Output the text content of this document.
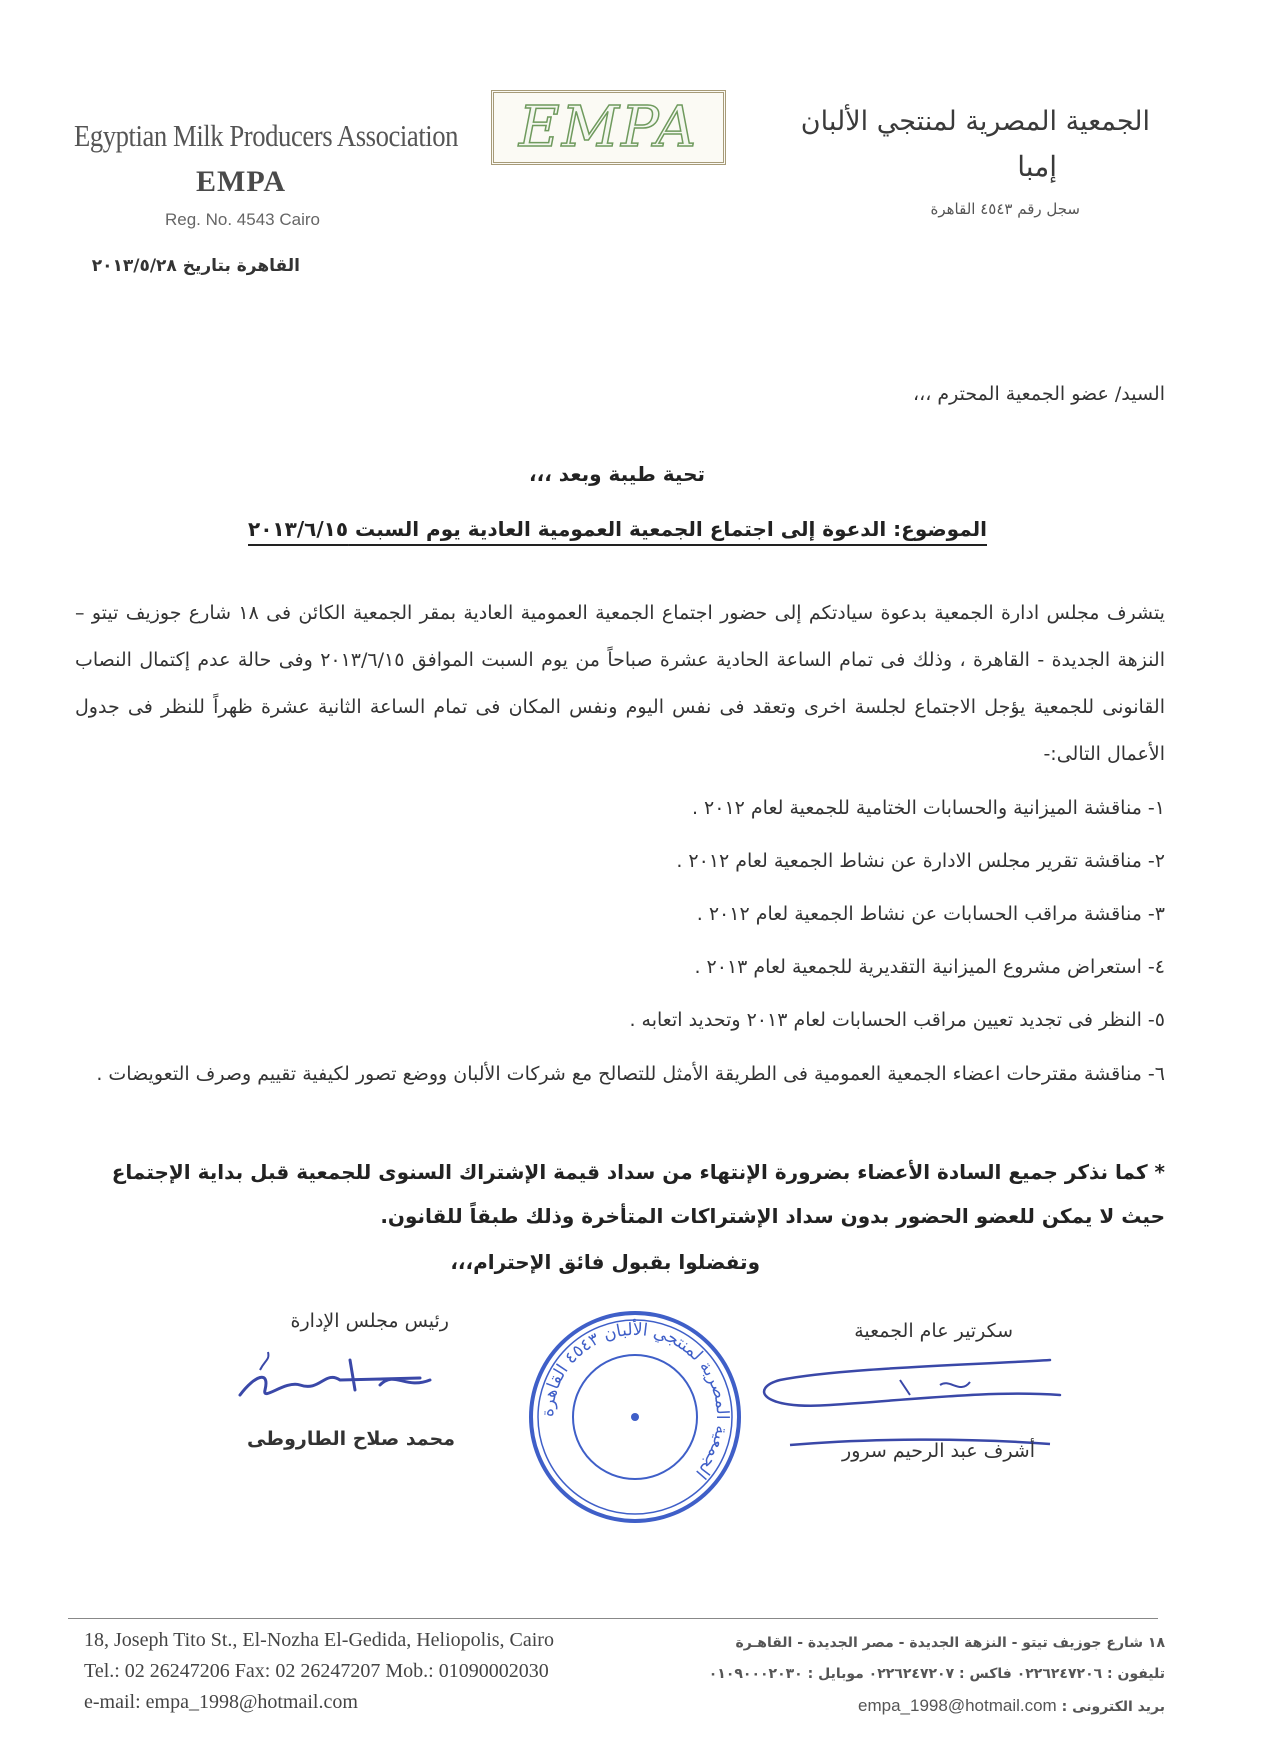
Egyptian Milk Producers Association
EMPA
Reg. No. 4543 Cairo
القاهرة بتاريخ ٢٠١٣/٥/٢٨
EMPA	الجمعية المصرية لمنتجي الألبان
إمبا
سجل رقم ٤٥٤٣ القاهرة
السيد/ عضو الجمعية المحترم ،،،
تحية طيبة وبعد ،،،
الموضوع: الدعوة إلى اجتماع الجمعية العمومية العادية يوم السبت ٢٠١٣/٦/١٥
يتشرف مجلس ادارة الجمعية بدعوة سيادتكم إلى حضور اجتماع الجمعية العمومية العادية بمقر الجمعية الكائن فى ١٨ شارع جوزيف تيتو – النزهة الجديدة - القاهرة ، وذلك فى تمام الساعة الحادية عشرة صباحاً من يوم السبت الموافق ٢٠١٣/٦/١٥ وفى حالة عدم إكتمال النصاب القانونى للجمعية يؤجل الاجتماع لجلسة اخرى وتعقد فى نفس اليوم ونفس المكان فى تمام الساعة الثانية عشرة ظهراً للنظر فى جدول الأعمال التالى:-
١- مناقشة الميزانية والحسابات الختامية للجمعية لعام ٢٠١٢ .
٢- مناقشة تقرير مجلس الادارة عن نشاط الجمعية لعام ٢٠١٢ .
٣- مناقشة مراقب الحسابات عن نشاط الجمعية لعام ٢٠١٢ .
٤- استعراض مشروع الميزانية التقديرية للجمعية لعام ٢٠١٣ .
٥- النظر فى تجديد تعيين مراقب الحسابات لعام ٢٠١٣ وتحديد اتعابه .
٦- مناقشة مقترحات اعضاء الجمعية العمومية فى الطريقة الأمثل للتصالح مع شركات الألبان ووضع تصور لكيفية تقييم وصرف التعويضات .
* كما نذكر جميع السادة الأعضاء بضرورة الإنتهاء من سداد قيمة الإشتراك السنوى للجمعية قبل بداية الإجتماع حيث لا يمكن للعضو الحضور بدون سداد الإشتراكات المتأخرة وذلك طبقاً للقانون.
وتفضلوا بقبول فائق الإحترام،،،
رئيس مجلس الإدارة
محمد صلاح الطاروطى
الجمعية المصرية لمنتجي الألبان ٤٥٤٣ القاهرة
سكرتير عام الجمعية
أشرف عبد الرحيم سرور
18, Joseph Tito St., El-Nozha El-Gedida, Heliopolis, Cairo
Tel.: 02 26247206 Fax: 02 26247207 Mob.: 01090002030
e-mail: empa_1998@hotmail.com
١٨ شارع جوزيف تيتو - النزهة الجديدة - مصر الجديدة - القاهـرة
تليفون : ٠٢٢٦٢٤٧٢٠٦ فاكس : ٠٢٢٦٢٤٧٢٠٧ موبايل : ٠١٠٩٠٠٠٢٠٣٠
بريد الكترونى : empa_1998@hotmail.com
